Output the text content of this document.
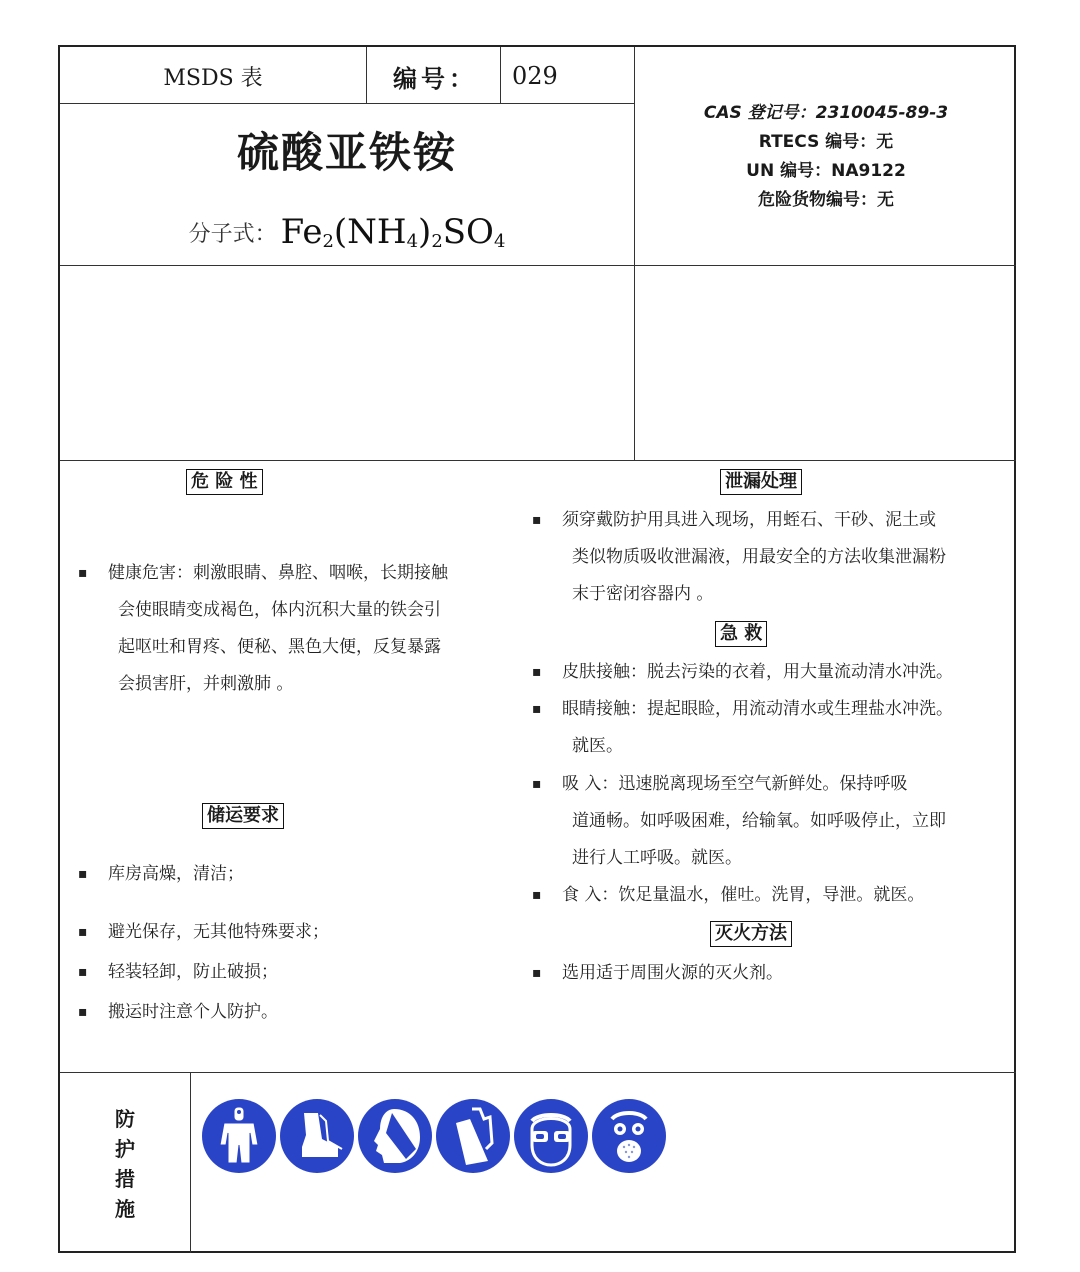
MSDS 表	编号：	029
硫酸亚铁铵
分子式： $Fe_2(NH_4)_2SO_4$
CAS 登记号：2310045-89-3
RTECS 编号：无
UN 编号：NA9122
危险货物编号：无
危 险 性
▪ 健康危害：刺激眼睛、鼻腔、咽喉，长期接触
会使眼睛变成褐色，体内沉积大量的铁会引
起呕吐和胃疼、便秘、黑色大便，反复暴露
会损害肝，并刺激肺 。
储运要求
▪ 库房高燥，清洁；
▪ 避光保存，无其他特殊要求；
▪ 轻装轻卸，防止破损；
▪ 搬运时注意个人防护。
泄漏处理
▪ 须穿戴防护用具进入现场，用蛭石、干砂、泥土或
类似物质吸收泄漏液，用最安全的方法收集泄漏粉
末于密闭容器内 。
急 救
▪ 皮肤接触：脱去污染的衣着，用大量流动清水冲洗。
▪ 眼睛接触：提起眼睑，用流动清水或生理盐水冲洗。
就医。
▪ 吸 入：迅速脱离现场至空气新鲜处。保持呼吸
道通畅。如呼吸困难，给输氧。如呼吸停止，立即
进行人工呼吸。就医。
▪ 食 入：饮足量温水，催吐。洗胃，导泄。就医。
灭火方法
▪ 选用适于周围火源的灭火剂。
防
护
措
施
